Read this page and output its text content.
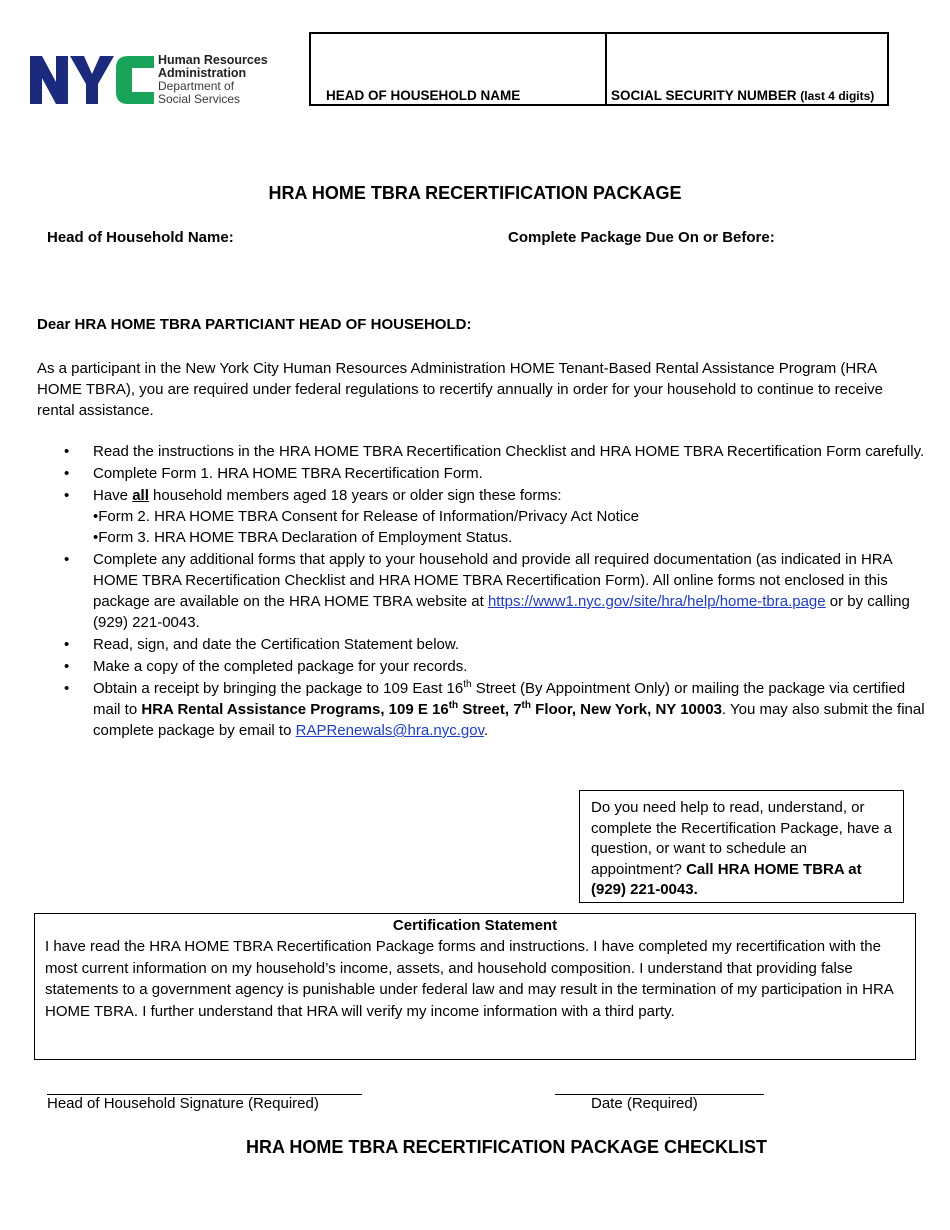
Human Resources
Administration
Department of
Social Services	HEAD OF HOUSEHOLD NAME	SOCIAL SECURITY NUMBER (last 4 digits)
HRA HOME TBRA RECERTIFICATION PACKAGE
Head of Household Name:	Complete Package Due On or Before:
Dear HRA HOME TBRA PARTICIANT HEAD OF HOUSEHOLD:
As a participant in the New York City Human Resources Administration HOME Tenant-Based Rental Assistance Program (HRA HOME TBRA), you are required under federal regulations to recertify annually in order for your household to continue to receive rental assistance.
• Read the instructions in the HRA HOME TBRA Recertification Checklist and HRA HOME TBRA Recertification Form carefully.
• Complete Form 1. HRA HOME TBRA Recertification Form.
• Have all household members aged 18 years or older sign these forms:
•Form 2. HRA HOME TBRA Consent for Release of Information/Privacy Act Notice
•Form 3. HRA HOME TBRA Declaration of Employment Status.
• Complete any additional forms that apply to your household and provide all required documentation (as indicated in HRA HOME TBRA Recertification Checklist and HRA HOME TBRA Recertification Form). All online forms not enclosed in this package are available on the HRA HOME TBRA website at https://www1.nyc.gov/site/hra/help/home-tbra.page or by calling (929) 221-0043.
• Read, sign, and date the Certification Statement below.
• Make a copy of the completed package for your records.
• Obtain a receipt by bringing the package to 109 East 16th Street (By Appointment Only) or mailing the package via certified mail to HRA Rental Assistance Programs, 109 E 16th Street, 7th Floor, New York, NY 10003. You may also submit the final complete package by email to RAPRenewals@hra.nyc.gov.
Do you need help to read, understand, or complete the Recertification Package, have a question, or want to schedule an appointment? Call HRA HOME TBRA at (929) 221-0043.
Certification Statement
I have read the HRA HOME TBRA Recertification Package forms and instructions. I have completed my recertification with the most current information on my household’s income, assets, and household composition. I understand that providing false statements to a government agency is punishable under federal law and may result in the termination of my participation in HRA HOME TBRA. I further understand that HRA will verify my income information with a third party.
Head of Household Signature (Required)	Date (Required)
HRA HOME TBRA RECERTIFICATION PACKAGE CHECKLIST
